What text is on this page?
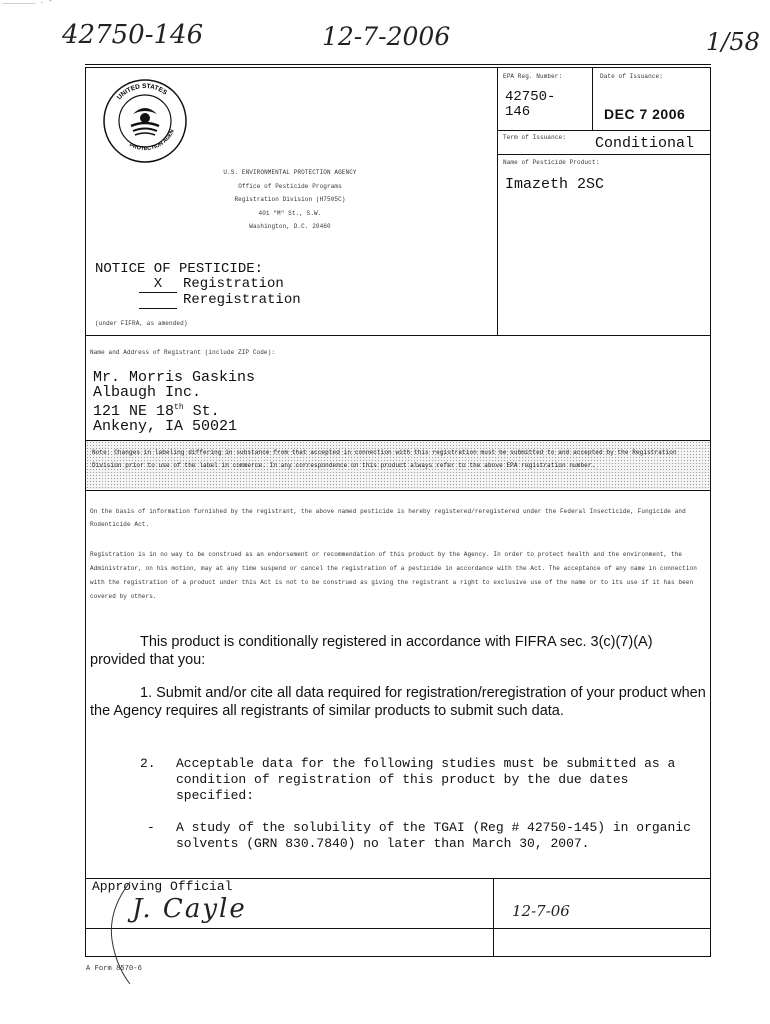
________ . -
42750-146	12-7-2006	1/58
UNITED STATES
PROTECTION AGEN
U.S. ENVIRONMENTAL PROTECTION AGENCY
Office of Pesticide Programs
Registration Division (H7505C)
401 "M" St., S.W.
Washington, D.C. 20460
NOTICE OF PESTICIDE:
X Registration
Reregistration
(under FIFRA, as amended)
EPA Reg. Number:
42750-
146
Date of Issuance:
DEC 7 2006
Term of Issuance: Conditional
Name of Pesticide Product:
Imazeth 2SC
Name and Address of Registrant (include ZIP Code):
Mr. Morris Gaskins
Albaugh Inc.
121 NE 18th St.
Ankeny, IA 50021
Note: Changes in labeling differing in substance from that accepted in connection with this registration must be submitted to and accepted by the Registration Division prior to use of the label in commerce. In any correspondence on this product always refer to the above EPA registration number.
On the basis of information furnished by the registrant, the above named pesticide is hereby registered/reregistered under the Federal Insecticide, Fungicide and Rodenticide Act.
Registration is in no way to be construed as an endorsement or recommendation of this product by the Agency. In order to protect health and the environment, the Administrator, on his motion, may at any time suspend or cancel the registration of a pesticide in accordance with the Act. The acceptance of any name in connection with the registration of a product under this Act is not to be construed as giving the registrant a right to exclusive use of the name or to its use if it has been covered by others.
This product is conditionally registered in accordance with FIFRA sec. 3(c)(7)(A) provided that you:
1. Submit and/or cite all data required for registration/reregistration of your product when the Agency requires all registrants of similar products to submit such data.
2. Acceptable data for the following studies must be submitted as a condition of registration of this product by the due dates specified:
- A study of the solubility of the TGAI (Reg # 42750-145) in organic solvents (GRN 830.7840) no later than March 30, 2007.
Approving Official
J. Cayle	12-7-06
A Form 8570-6
